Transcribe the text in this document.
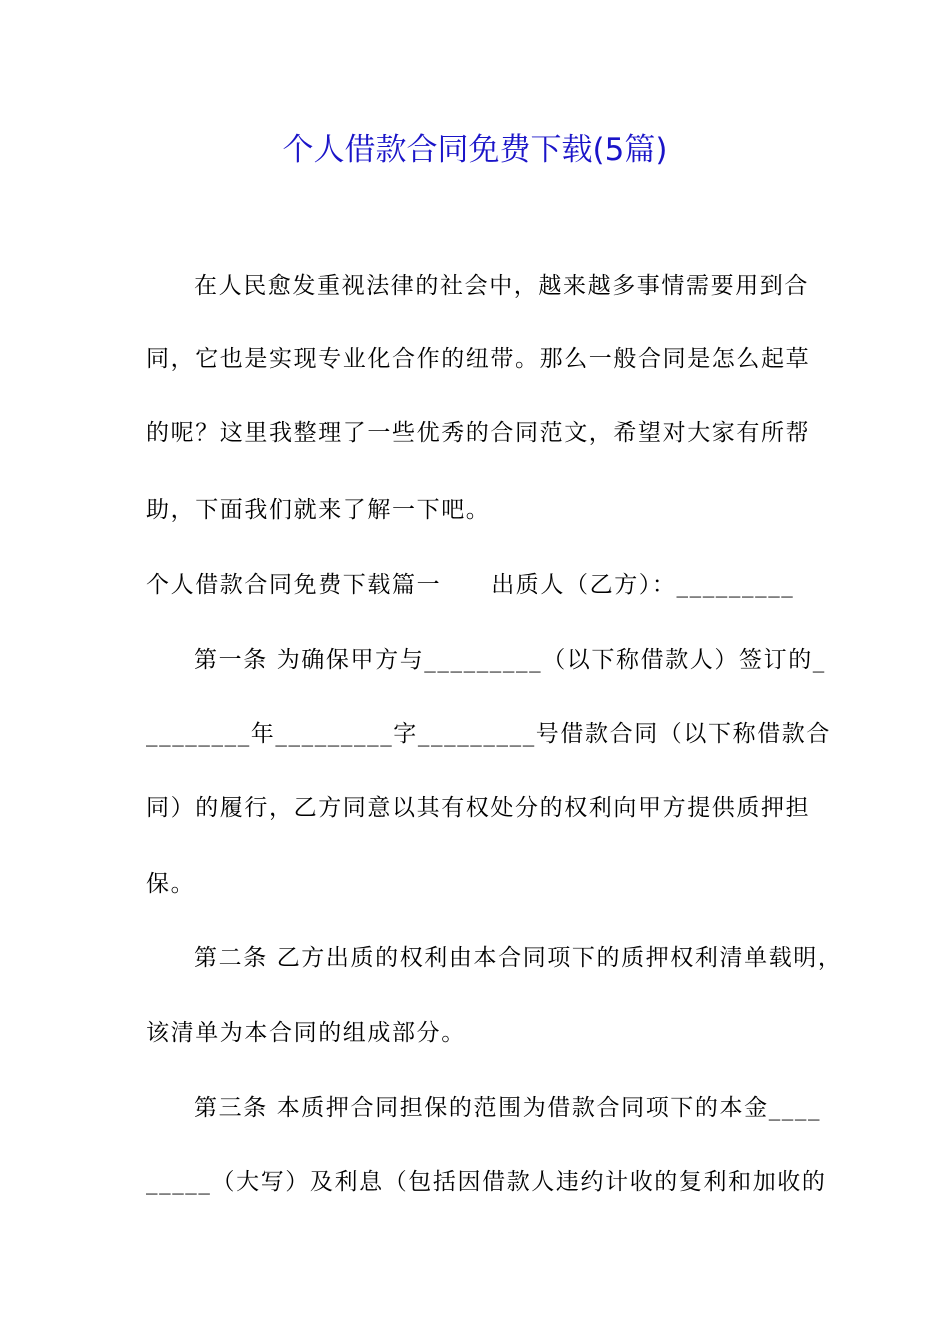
个人借款合同免费下载(5篇)
在人民愈发重视法律的社会中，越来越多事情需要用到合
同，它也是实现专业化合作的纽带。那么一般合同是怎么起草
的呢？这里我整理了一些优秀的合同范文，希望对大家有所帮
助，下面我们就来了解一下吧。
个人借款合同免费下载篇一 出质人（乙方）：_________
第一条 为确保甲方与_________（以下称借款人）签订的_
________年_________字_________号借款合同（以下称借款合
同）的履行，乙方同意以其有权处分的权利向甲方提供质押担
保。
第二条 乙方出质的权利由本合同项下的质押权利清单载明，
该清单为本合同的组成部分。
第三条 本质押合同担保的范围为借款合同项下的本金____
_____（大写）及利息（包括因借款人违约计收的复利和加收的
